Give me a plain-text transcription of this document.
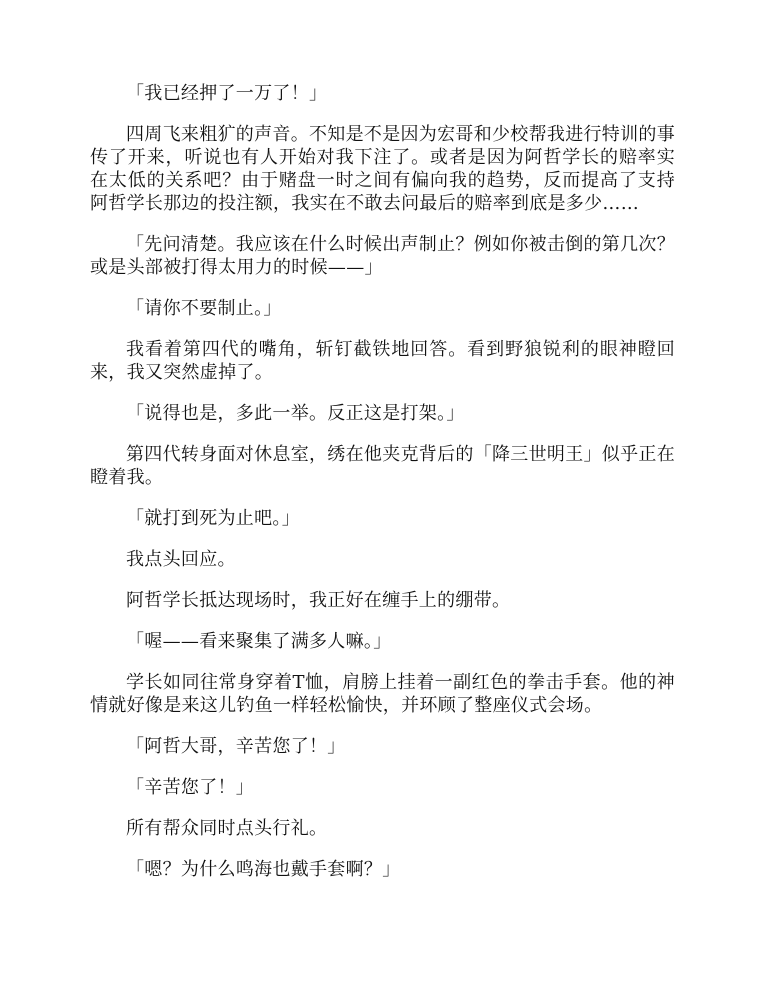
「我已经押了一万了！」

四周飞来粗犷的声音。不知是不是因为宏哥和少校帮我进行特训的事传了开来，听说也有人开始对我下注了。或者是因为阿哲学长的赔率实在太低的关系吧？由于赌盘一时之间有偏向我的趋势，反而提高了支持阿哲学长那边的投注额，我实在不敢去问最后的赔率到底是多少……

「先问清楚。我应该在什么时候出声制止？例如你被击倒的第几次？或是头部被打得太用力的时候——」

「请你不要制止。」

我看着第四代的嘴角，斩钉截铁地回答。看到野狼锐利的眼神瞪回来，我又突然虚掉了。

「说得也是，多此一举。反正这是打架。」

第四代转身面对休息室，绣在他夹克背后的「降三世明王」似乎正在瞪着我。

「就打到死为止吧。」

我点头回应。

阿哲学长抵达现场时，我正好在缠手上的绷带。

「喔——看来聚集了满多人嘛。」

学长如同往常身穿着T恤，肩膀上挂着一副红色的拳击手套。他的神情就好像是来这儿钓鱼一样轻松愉快，并环顾了整座仪式会场。

「阿哲大哥，辛苦您了！」

「辛苦您了！」

所有帮众同时点头行礼。

「嗯？为什么鸣海也戴手套啊？」
